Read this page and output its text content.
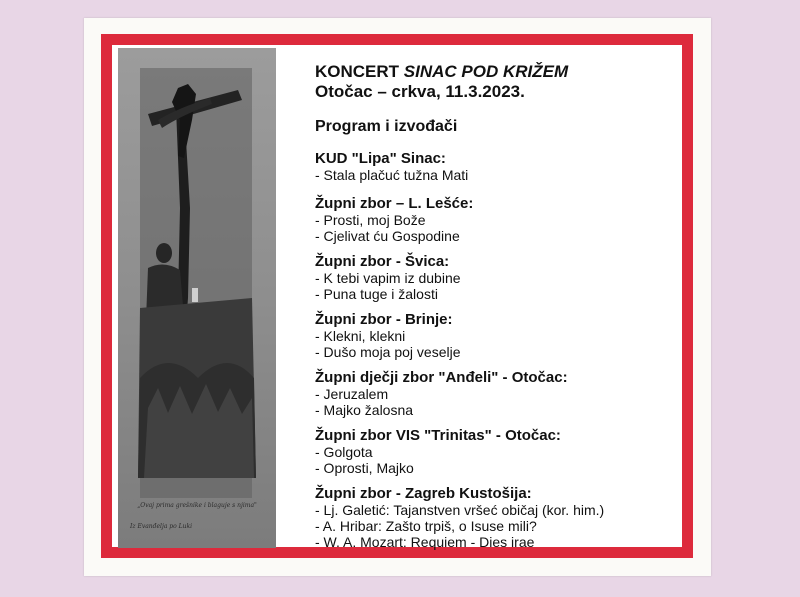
„Ovaj prima grešnike i blaguje s njima"
Iz Evanđelja po Luki

KONCERT SINAC POD KRIŽEM

Otočac – crkva, 11.3.2023.

Program i izvođači

KUD "Lipa" Sinac:

- Stala plačuć tužna Mati

Župni zbor – L. Lešće:

- Prosti, moj Bože

- Cjelivat ću Gospodine

Župni zbor - Švica:

- K tebi vapim iz dubine

- Puna tuge i žalosti

Župni zbor - Brinje:

- Klekni, klekni

- Dušo moja poj veselje

Župni dječji zbor "Anđeli" - Otočac:

- Jeruzalem

- Majko žalosna

Župni zbor VIS "Trinitas" - Otočac:

- Golgota

- Oprosti, Majko

Župni zbor - Zagreb Kustošija:

- Lj. Galetić: Tajanstven vršeć običaj (kor. him.)

- A. Hribar: Zašto trpiš, o Isuse mili?

- W. A. Mozart: Requiem - Dies irae
